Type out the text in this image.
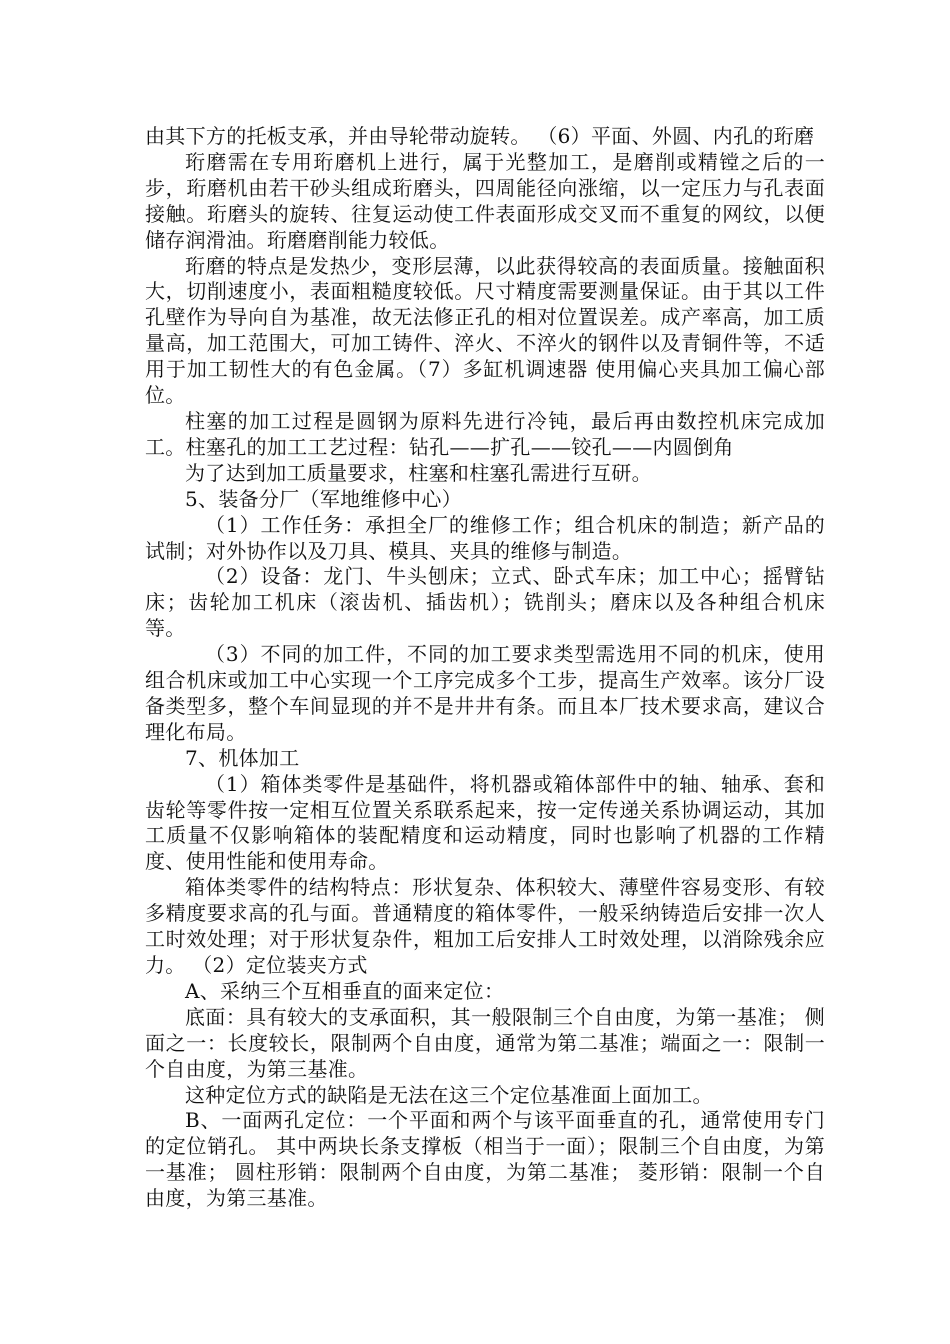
由其下方的托板支承，并由导轮带动旋转。 （6）平面、外圆、内孔的珩磨

珩磨需在专用珩磨机上进行，属于光整加工，是磨削或精镗之后的一步，珩磨机由若干砂头组成珩磨头，四周能径向涨缩，以一定压力与孔表面接触。珩磨头的旋转、往复运动使工件表面形成交叉而不重复的网纹，以便储存润滑油。珩磨磨削能力较低。

珩磨的特点是发热少，变形层薄，以此获得较高的表面质量。接触面积大，切削速度小，表面粗糙度较低。尺寸精度需要测量保证。由于其以工件孔壁作为导向自为基准，故无法修正孔的相对位置误差。成产率高，加工质量高，加工范围大，可加工铸件、淬火、不淬火的钢件以及青铜件等，不适用于加工韧性大的有色金属。（7）多缸机调速器 使用偏心夹具加工偏心部位。

柱塞的加工过程是圆钢为原料先进行冷钝，最后再由数控机床完成加工。柱塞孔的加工工艺过程：钻孔——扩孔——铰孔——内圆倒角

为了达到加工质量要求，柱塞和柱塞孔需进行互研。

5、装备分厂（军地维修中心）

（1）工作任务：承担全厂的维修工作；组合机床的制造；新产品的试制；对外协作以及刀具、模具、夹具的维修与制造。

（2）设备：龙门、牛头刨床；立式、卧式车床；加工中心；摇臂钻床；齿轮加工机床（滚齿机、插齿机）；铣削头；磨床以及各种组合机床等。

（3）不同的加工件，不同的加工要求类型需选用不同的机床，使用组合机床或加工中心实现一个工序完成多个工步，提高生产效率。该分厂设备类型多，整个车间显现的并不是井井有条。而且本厂技术要求高，建议合理化布局。

7、机体加工

（1）箱体类零件是基础件，将机器或箱体部件中的轴、轴承、套和齿轮等零件按一定相互位置关系联系起来，按一定传递关系协调运动，其加工质量不仅影响箱体的装配精度和运动精度，同时也影响了机器的工作精度、使用性能和使用寿命。

箱体类零件的结构特点：形状复杂、体积较大、薄壁件容易变形、有较多精度要求高的孔与面。普通精度的箱体零件，一般采纳铸造后安排一次人工时效处理；对于形状复杂件，粗加工后安排人工时效处理，以消除残余应力。 （2）定位装夹方式

A、采纳三个互相垂直的面来定位：

底面：具有较大的支承面积，其一般限制三个自由度，为第一基准； 侧面之一：长度较长，限制两个自由度，通常为第二基准；端面之一：限制一个自由度，为第三基准。

这种定位方式的缺陷是无法在这三个定位基准面上面加工。

B、一面两孔定位：一个平面和两个与该平面垂直的孔，通常使用专门的定位销孔。 其中两块长条支撑板（相当于一面）；限制三个自由度，为第一基准； 圆柱形销：限制两个自由度，为第二基准； 菱形销：限制一个自由度，为第三基准。
